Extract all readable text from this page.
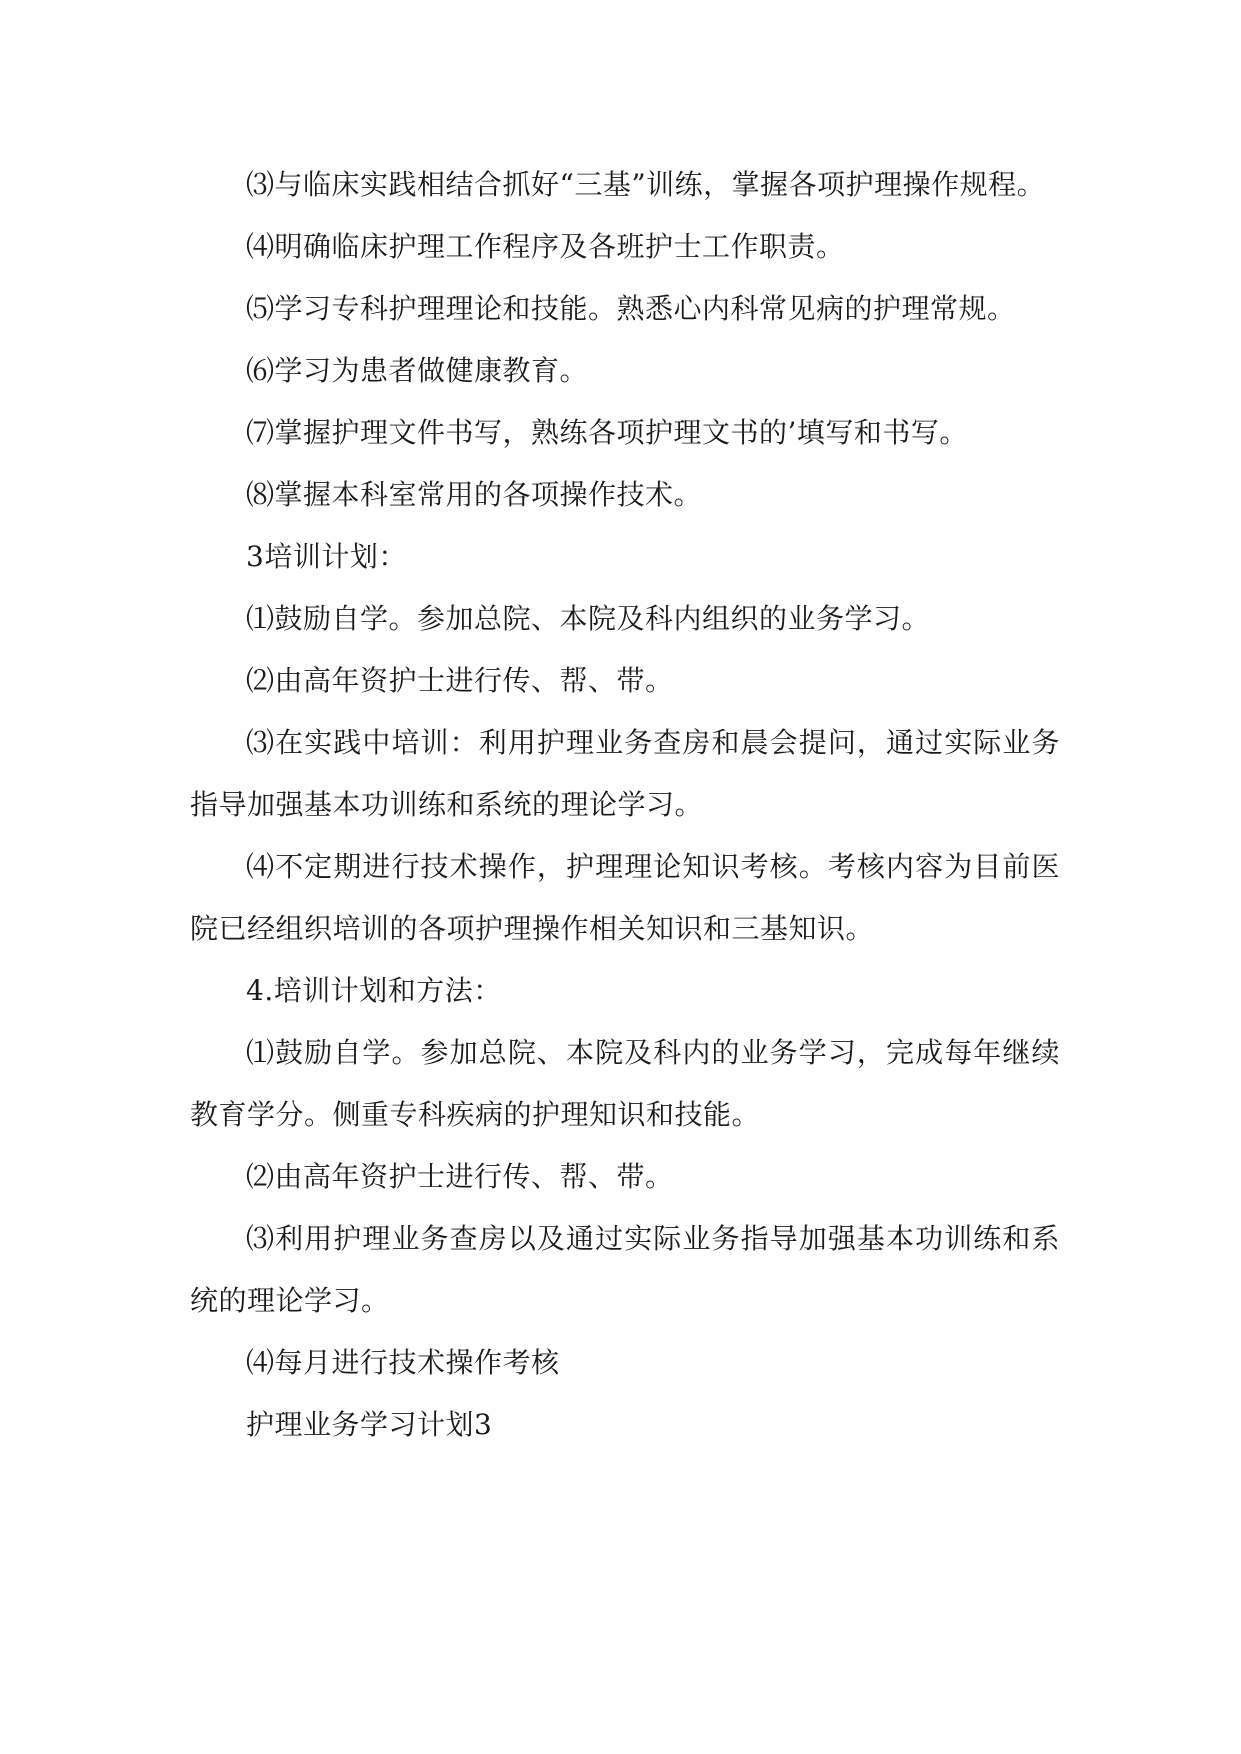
⑶与临床实践相结合抓好“三基”训练，掌握各项护理操作规程。

⑷明确临床护理工作程序及各班护士工作职责。

⑸学习专科护理理论和技能。熟悉心内科常见病的护理常规。

⑹学习为患者做健康教育。

⑺掌握护理文件书写，熟练各项护理文书的’填写和书写。

⑻掌握本科室常用的各项操作技术。

3培训计划：

⑴鼓励自学。参加总院、本院及科内组织的业务学习。

⑵由高年资护士进行传、帮、带。

⑶在实践中培训：利用护理业务查房和晨会提问，通过实际业务指导加强基本功训练和系统的理论学习。

⑷不定期进行技术操作，护理理论知识考核。考核内容为目前医院已经组织培训的各项护理操作相关知识和三基知识。

4.培训计划和方法：

⑴鼓励自学。参加总院、本院及科内的业务学习，完成每年继续教育学分。侧重专科疾病的护理知识和技能。

⑵由高年资护士进行传、帮、带。

⑶利用护理业务查房以及通过实际业务指导加强基本功训练和系统的理论学习。

⑷每月进行技术操作考核

护理业务学习计划3
